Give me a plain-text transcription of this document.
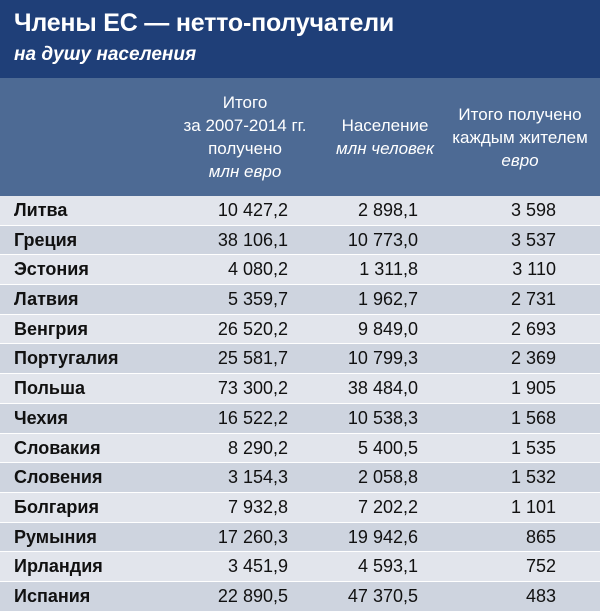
Члены ЕС — нетто-получатели
на душу населения
Итого
за 2007-2014 гг.
получено
млн евро
Население
млн человек
Итого получено
каждым жителем
евро
Литва	10 427,2	2 898,1	3 598
Греция	38 106,1	10 773,0	3 537
Эстония	4 080,2	1 311,8	3 110
Латвия	5 359,7	1 962,7	2 731
Венгрия	26 520,2	9 849,0	2 693
Португалия	25 581,7	10 799,3	2 369
Польша	73 300,2	38 484,0	1 905
Чехия	16 522,2	10 538,3	1 568
Словакия	8 290,2	5 400,5	1 535
Словения	3 154,3	2 058,8	1 532
Болгария	7 932,8	7 202,2	1 101
Румыния	17 260,3	19 942,6	865
Ирландия	3 451,9	4 593,1	752
Испания	22 890,5	47 370,5	483
